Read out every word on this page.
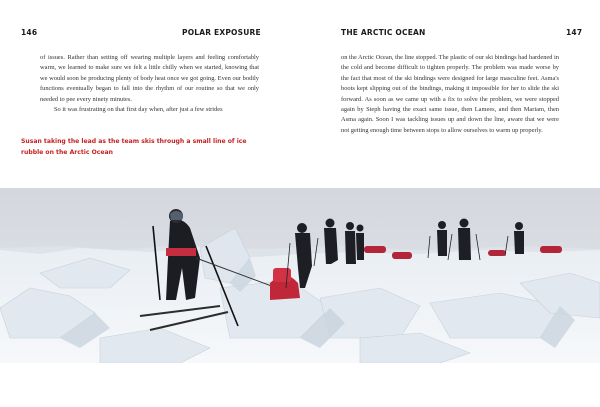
146	POLAR EXPOSURE	THE ARCTIC OCEAN	147

of issues. Rather than setting off wearing multiple layers and feeling comfortably warm, we learned to make sure we felt a little chilly when we started, knowing that we would soon be producing plenty of body heat once we got going. Even our bodily functions eventually began to fall into the rhythm of our routine so that we only needed to pee every ninety minutes.

So it was frustrating on that first day when, after just a few strides

Susan taking the lead as the team skis through a small line of ice rubble on the Arctic Ocean

on the Arctic Ocean, the line stopped. The plastic of our ski bindings had hardened in the cold and become difficult to tighten properly. The problem was made worse by the fact that most of the ski bindings were designed for large masculine feet. Asma's boots kept slipping out of the bindings, making it impossible for her to slide the ski forward. As soon as we came up with a fix to solve the problem, we were stopped again by Steph having the exact same issue, then Lamees, and then Mariam, then Asma again. Soon I was tackling issues up and down the line, aware that we were not getting enough time between stops to allow ourselves to warm up properly.
